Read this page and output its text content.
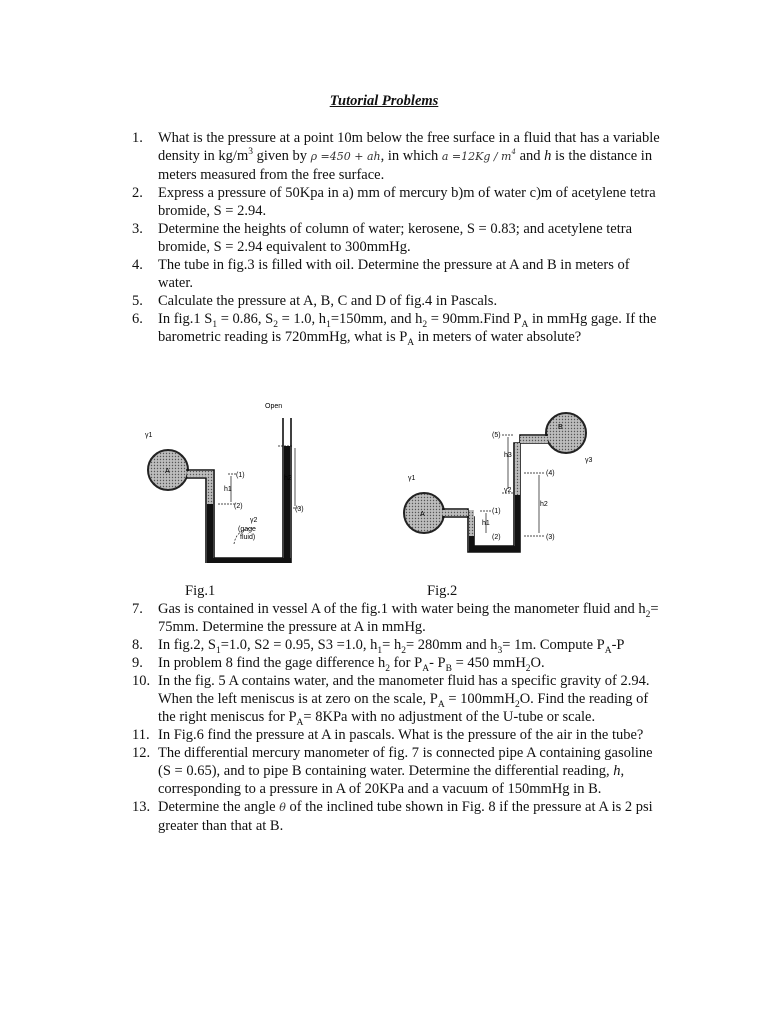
Tutorial Problems
1.	What is the pressure at a point 10m below the free surface in a fluid that has a variable density in $kg/m^3$ given by ρ =450 + ah, in which $a =12Kg / m^4$ and h is the distance in meters measured from the free surface.
2.	Express a pressure of 50Kpa in a) mm of mercury b)m of water c)m of acetylene tetra bromide, S = 2.94.
3.	Determine the heights of column of water; kerosene, S = 0.83; and acetylene tetra bromide, S = 2.94 equivalent to 300mmHg.
4.	The tube in fig.3 is filled with oil. Determine the pressure at A and B in meters of water.
5.	Calculate the pressure at A, B, C and D of fig.4 in Pascals.
6.	In fig.1 $S_1 = 0.86$, $S_2 = 1.0$, $h_1=150mm$, and $h_2$ = 90mm.Find $P_A$ in mmHg gage. If the barometric reading is 720mmHg, what is $P_A$ in meters of water absolute?
Open
γ1
A
(1)
h1
(2)
h2
(3)
γ2
(gage
fluid)
(5)
h3
B
γ3
(4)
γ2
γ1
A
h2
(1)
h1
(2)	(3)
Fig.1	Fig.2
7.	Gas is contained in vessel A of the fig.1 with water being the manometer fluid and $h_2= 75mm$. Determine the pressure at A in mmHg.
8.	In fig.2, $S_1=1.0$, S2 = 0.95, S3 =1.0, $h_1= h_2= 280mm$ and $h_3= 1m$. Compute $P_A-P$
9.	In problem 8 find the gage difference $h_2$ for $P_A-$ $P_B = 450$ mmH$_2$O.
10. In the fig. 5 A contains water, and the manometer fluid has a specific gravity of 2.94. When the left meniscus is at zero on the scale, $P_A = 100mmH_2O$. Find the reading of the right meniscus for $P_A= 8KPa$ with no adjustment of the U-tube or scale.
11. In Fig.6 find the pressure at A in pascals. What is the pressure of the air in the tube?
12. The differential mercury manometer of fig. 7 is connected pipe A containing gasoline (S = 0.65), and to pipe B containing water. Determine the differential reading, h, corresponding to a pressure in A of 20KPa and a vacuum of 150mmHg in B.
13. Determine the angle θ of the inclined tube shown in Fig. 8 if the pressure at A is 2 psi greater than that at B.
